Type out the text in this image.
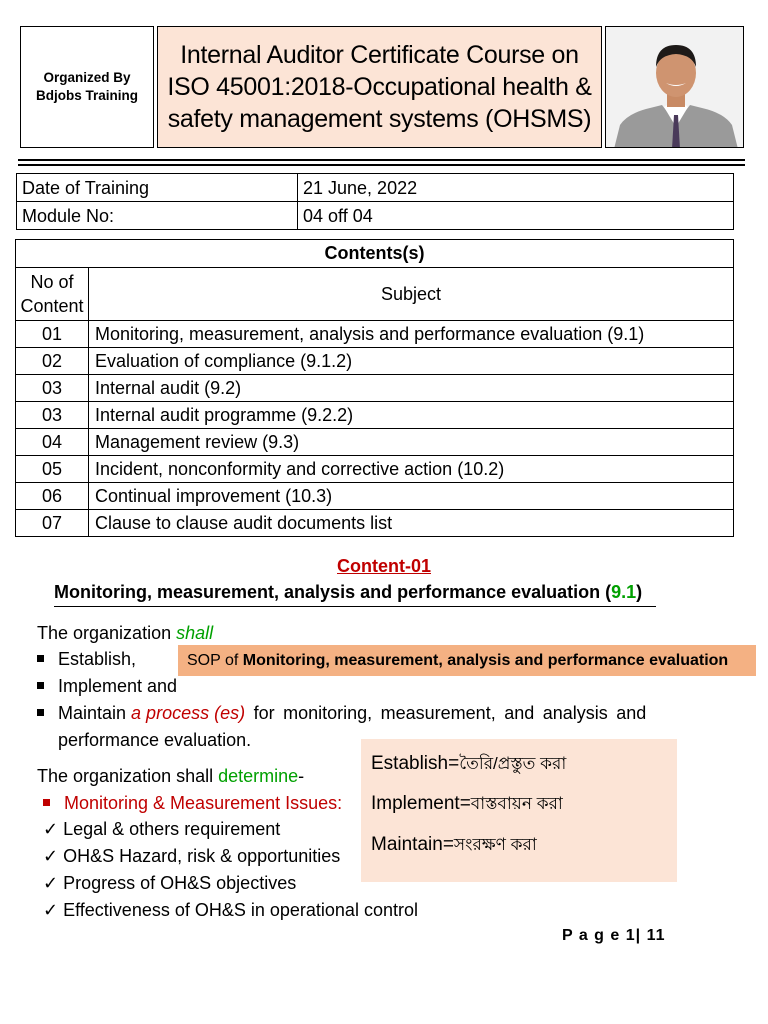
Organized By
Bdjobs Training
Internal Auditor Certificate Course on
ISO 45001:2018-Occupational health &
safety management systems (OHSMS)
Date of Training	21 June, 2022
Module No:	04 off 04
Contents(s)	

No of
Content	Subject
01	Monitoring, measurement, analysis and performance evaluation (9.1)
02	Evaluation of compliance (9.1.2)
03	Internal audit (9.2)
03	Internal audit programme (9.2.2)
04	Management review (9.3)
05	Incident, nonconformity and corrective action (10.2)
06	Continual improvement (10.3)
07	Clause to clause audit documents list
Content-01
Monitoring, measurement, analysis and performance evaluation (9.1)
The organization shall
Establish,
Implement and
Maintain a process (es) for monitoring, measurement, and analysis and
performance evaluation.
SOP of Monitoring, measurement, analysis and performance evaluation
The organization shall determine-
Monitoring & Measurement Issues:
✓ Legal & others requirement
✓ OH&S Hazard, risk & opportunities
✓ Progress of OH&S objectives
✓ Effectiveness of OH&S in operational control
Establish=তৈরি/প্রস্তুত করা
Implement=বাস্তবায়ন করা
Maintain=সংরক্ষণ করা
P a g e 1| 11
